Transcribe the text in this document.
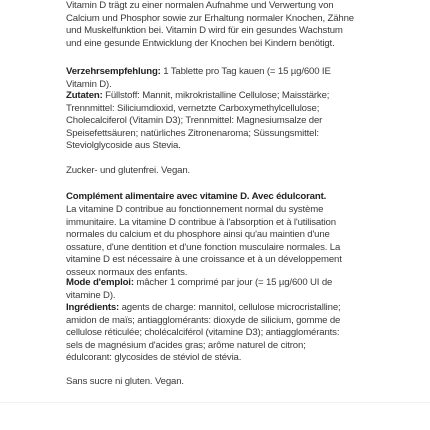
Vitamin D trägt zu einer normalen Aufnahme und Verwertung von

Calcium und Phosphor sowie zur Erhaltung normaler Knochen, Zähne

und Muskelfunktion bei. Vitamin D wird für ein gesundes Wachstum

und eine gesunde Entwicklung der Knochen bei Kindern benötigt.

Verzehrsempfehlung: 1 Tablette pro Tag kauen (= 15 µg/600 IE

Vitamin D).

Zutaten: Füllstoff: Mannit, mikrokristalline Cellulose; Maisstärke;

Trennmittel: Siliciumdioxid, vernetzte Carboxymethylcellulose;

Cholecalciferol (Vitamin D3); Trennmittel: Magnesiumsalze der

Speisefettsäuren; natürliches Zitronenaroma; Süssungsmittel:

Steviolglycoside aus Stevia.

Zucker- und glutenfrei. Vegan.

Complément alimentaire avec vitamine D. Avec édulcorant.

La vitamine D contribue au fonctionnement normal du système

immunitaire. La vitamine D contribue à l'absorption et à l'utilisation

normales du calcium et du phosphore ainsi qu'au maintien d'une

ossature, d'une dentition et d'une fonction musculaire normales. La

vitamine D est nécessaire à une croissance et à un développement

osseux normaux des enfants.

Mode d'emploi: mâcher 1 comprimé par jour (= 15 µg/600 UI de

vitamine D).

Ingrédients: agents de charge: mannitol, cellulose microcristalline;

amidon de maïs; antiagglomérants: dioxyde de silicium, gomme de

cellulose réticulée; cholécalciférol (vitamine D3); antiagglomérants:

sels de magnésium d'acides gras; arôme naturel de citron;

édulcorant: glycosides de stéviol de stévia.

Sans sucre ni gluten. Vegan.
